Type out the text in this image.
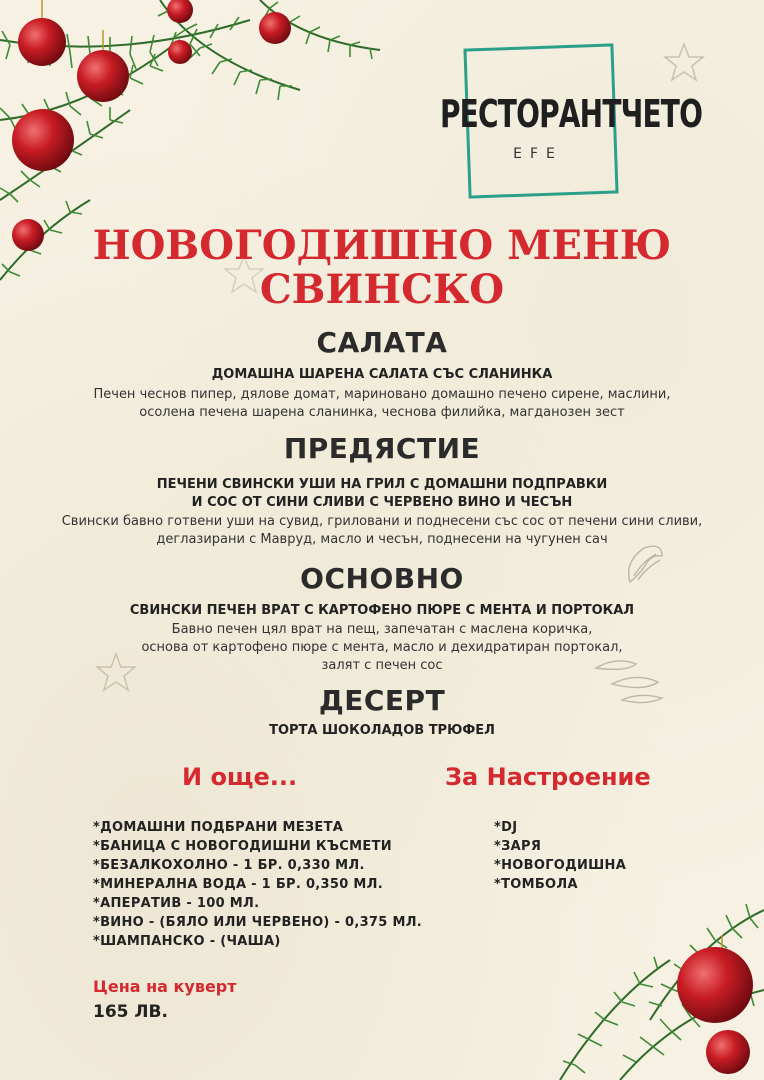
РЕСТОРАНТЧЕТО
EFE
НОВОГОДИШНО МЕНЮ
СВИНСКО
САЛАТА
ДОМАШНА ШАРЕНА САЛАТА СЪС СЛАНИНКА
Печен чеснов пипер, дялове домат, мариновано домашно печено сирене, маслини,
осолена печена шарена сланинка, чеснова филийка, магданозен зест
ПРЕДЯСТИЕ
ПЕЧЕНИ СВИНСКИ УШИ НА ГРИЛ С ДОМАШНИ ПОДПРАВКИ
И СОС ОТ СИНИ СЛИВИ С ЧЕРВЕНО ВИНО И ЧЕСЪН
Свински бавно готвени уши на сувид, гриловани и поднесени със сос от печени сини сливи,
деглазирани с Мавруд, масло и чесън, поднесени на чугунен сач
ОСНОВНО
СВИНСКИ ПЕЧЕН ВРАТ С КАРТОФЕНО ПЮРЕ С МЕНТА И ПОРТОКАЛ
Бавно печен цял врат на пещ, запечатан с маслена коричка,
основа от картофено пюре с мента, масло и дехидратиран портокал,
залят с печен сос
ДЕСЕРТ
ТОРТА ШОКОЛАДОВ ТРЮФЕЛ
И още...
*ДОМАШНИ ПОДБРАНИ МЕЗЕТА
*БАНИЦА С НОВОГОДИШНИ КЪСМЕТИ
*БЕЗАЛКОХОЛНО - 1 БР. 0,330 МЛ.
*МИНЕРАЛНА ВОДА - 1 БР. 0,350 МЛ.
*АПЕРАТИВ - 100 МЛ.
*ВИНО - (БЯЛО ИЛИ ЧЕРВЕНО) - 0,375 МЛ.
*ШАМПАНСКО - (ЧАША)
За Настроение
*DJ
*ЗАРЯ
*НОВОГОДИШНА
*ТОМБОЛА
Цена на куверт
165 ЛВ.
